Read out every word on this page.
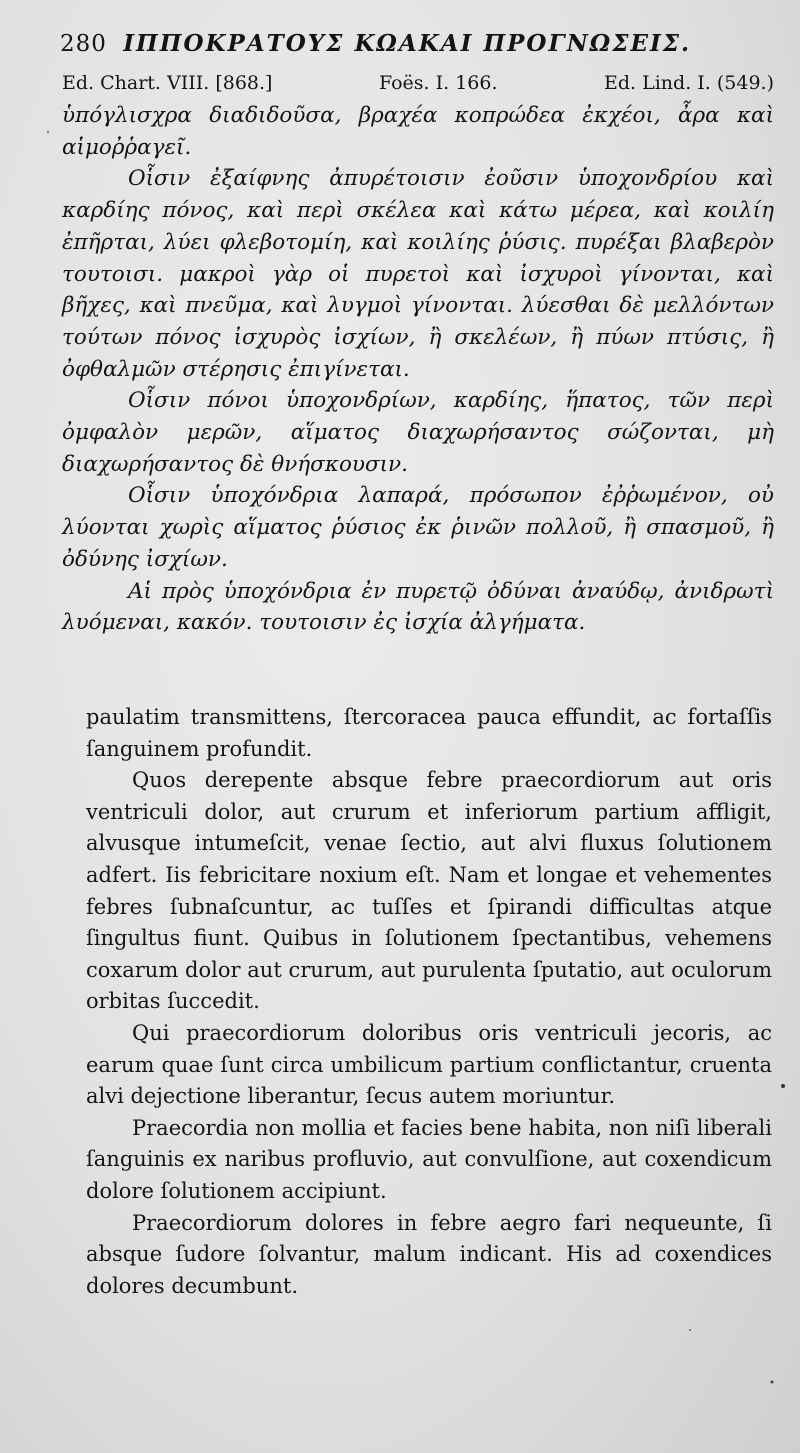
280 ΙΠΠΟΚΡΑΤΟΥΣ ΚΩΑΚΑΙ ΠΡΟΓΝΩΣΕΙΣ.
Ed. Chart. VIII. [868.]	Foës. I. 166.	Ed. Lind. I. (549.)

ὑπόγλισχρα διαδιδοῦσα, βραχέα κοπρώδεα ἐκχέοι, ἆρα καὶ αἱμοῤῥαγεῖ.

Οἷσιν ἐξαίφνης ἀπυρέτοισιν ἐοῦσιν ὑποχονδρίου καὶ καρδίης πόνος, καὶ περὶ σκέλεα καὶ κάτω μέρεα, καὶ κοιλίη ἐπῆρται, λύει φλεβοτομίη, καὶ κοιλίης ῥύσις. πυρέξαι βλαβερὸν τουτοισι. μακροὶ γὰρ οἱ πυρετοὶ καὶ ἰσχυροὶ γίνονται, καὶ βῆχες, καὶ πνεῦμα, καὶ λυγμοὶ γίνονται. λύεσθαι δὲ μελλόντων τούτων πόνος ἰσχυρὸς ἰσχίων, ἢ σκελέων, ἢ πύων πτύσις, ἢ ὀφθαλμῶν στέρησις ἐπιγίνεται.

Οἷσιν πόνοι ὑποχονδρίων, καρδίης, ἥπατος, τῶν περὶ ὀμφαλὸν μερῶν, αἵματος διαχωρήσαντος σώζονται, μὴ διαχωρήσαντος δὲ θνήσκουσιν.

Οἷσιν ὑποχόνδρια λαπαρά, πρόσωπον ἐῤῥωμένον, οὐ λύονται χωρὶς αἵματος ῥύσιος ἐκ ῥινῶν πολλοῦ, ἢ σπασμοῦ, ἢ ὀδύνης ἰσχίων.

Αἱ πρὸς ὑποχόνδρια ἐν πυρετῷ ὀδύναι ἀναύδῳ, ἀνιδρωτὶ λυόμεναι, κακόν. τουτοισιν ἐς ἰσχία ἀλγήματα.

paulatim transmittens, ſtercoracea pauca effundit, ac fortaſſis ſanguinem profundit.

Quos derepente absque febre praecordiorum aut oris ventriculi dolor, aut crurum et inferiorum partium affligit, alvusque intumeſcit, venae ſectio, aut alvi fluxus ſolutionem adfert. Iis febricitare noxium eſt. Nam et longae et vehementes febres ſubnaſcuntur, ac tuſſes et ſpirandi difficultas atque ſingultus fiunt. Quibus in ſolutionem ſpectantibus, vehemens coxarum dolor aut crurum, aut purulenta ſputatio, aut oculorum orbitas ſuccedit.

Qui praecordiorum doloribus oris ventriculi jecoris, ac earum quae ſunt circa umbilicum partium conflictantur, cruenta alvi dejectione liberantur, ſecus autem moriuntur.

Praecordia non mollia et facies bene habita, non niſi liberali ſanguinis ex naribus profluvio, aut convulſione, aut coxendicum dolore ſolutionem accipiunt.

Praecordiorum dolores in febre aegro fari nequeunte, ſi absque ſudore ſolvantur, malum indicant. His ad coxendices dolores decumbunt.
